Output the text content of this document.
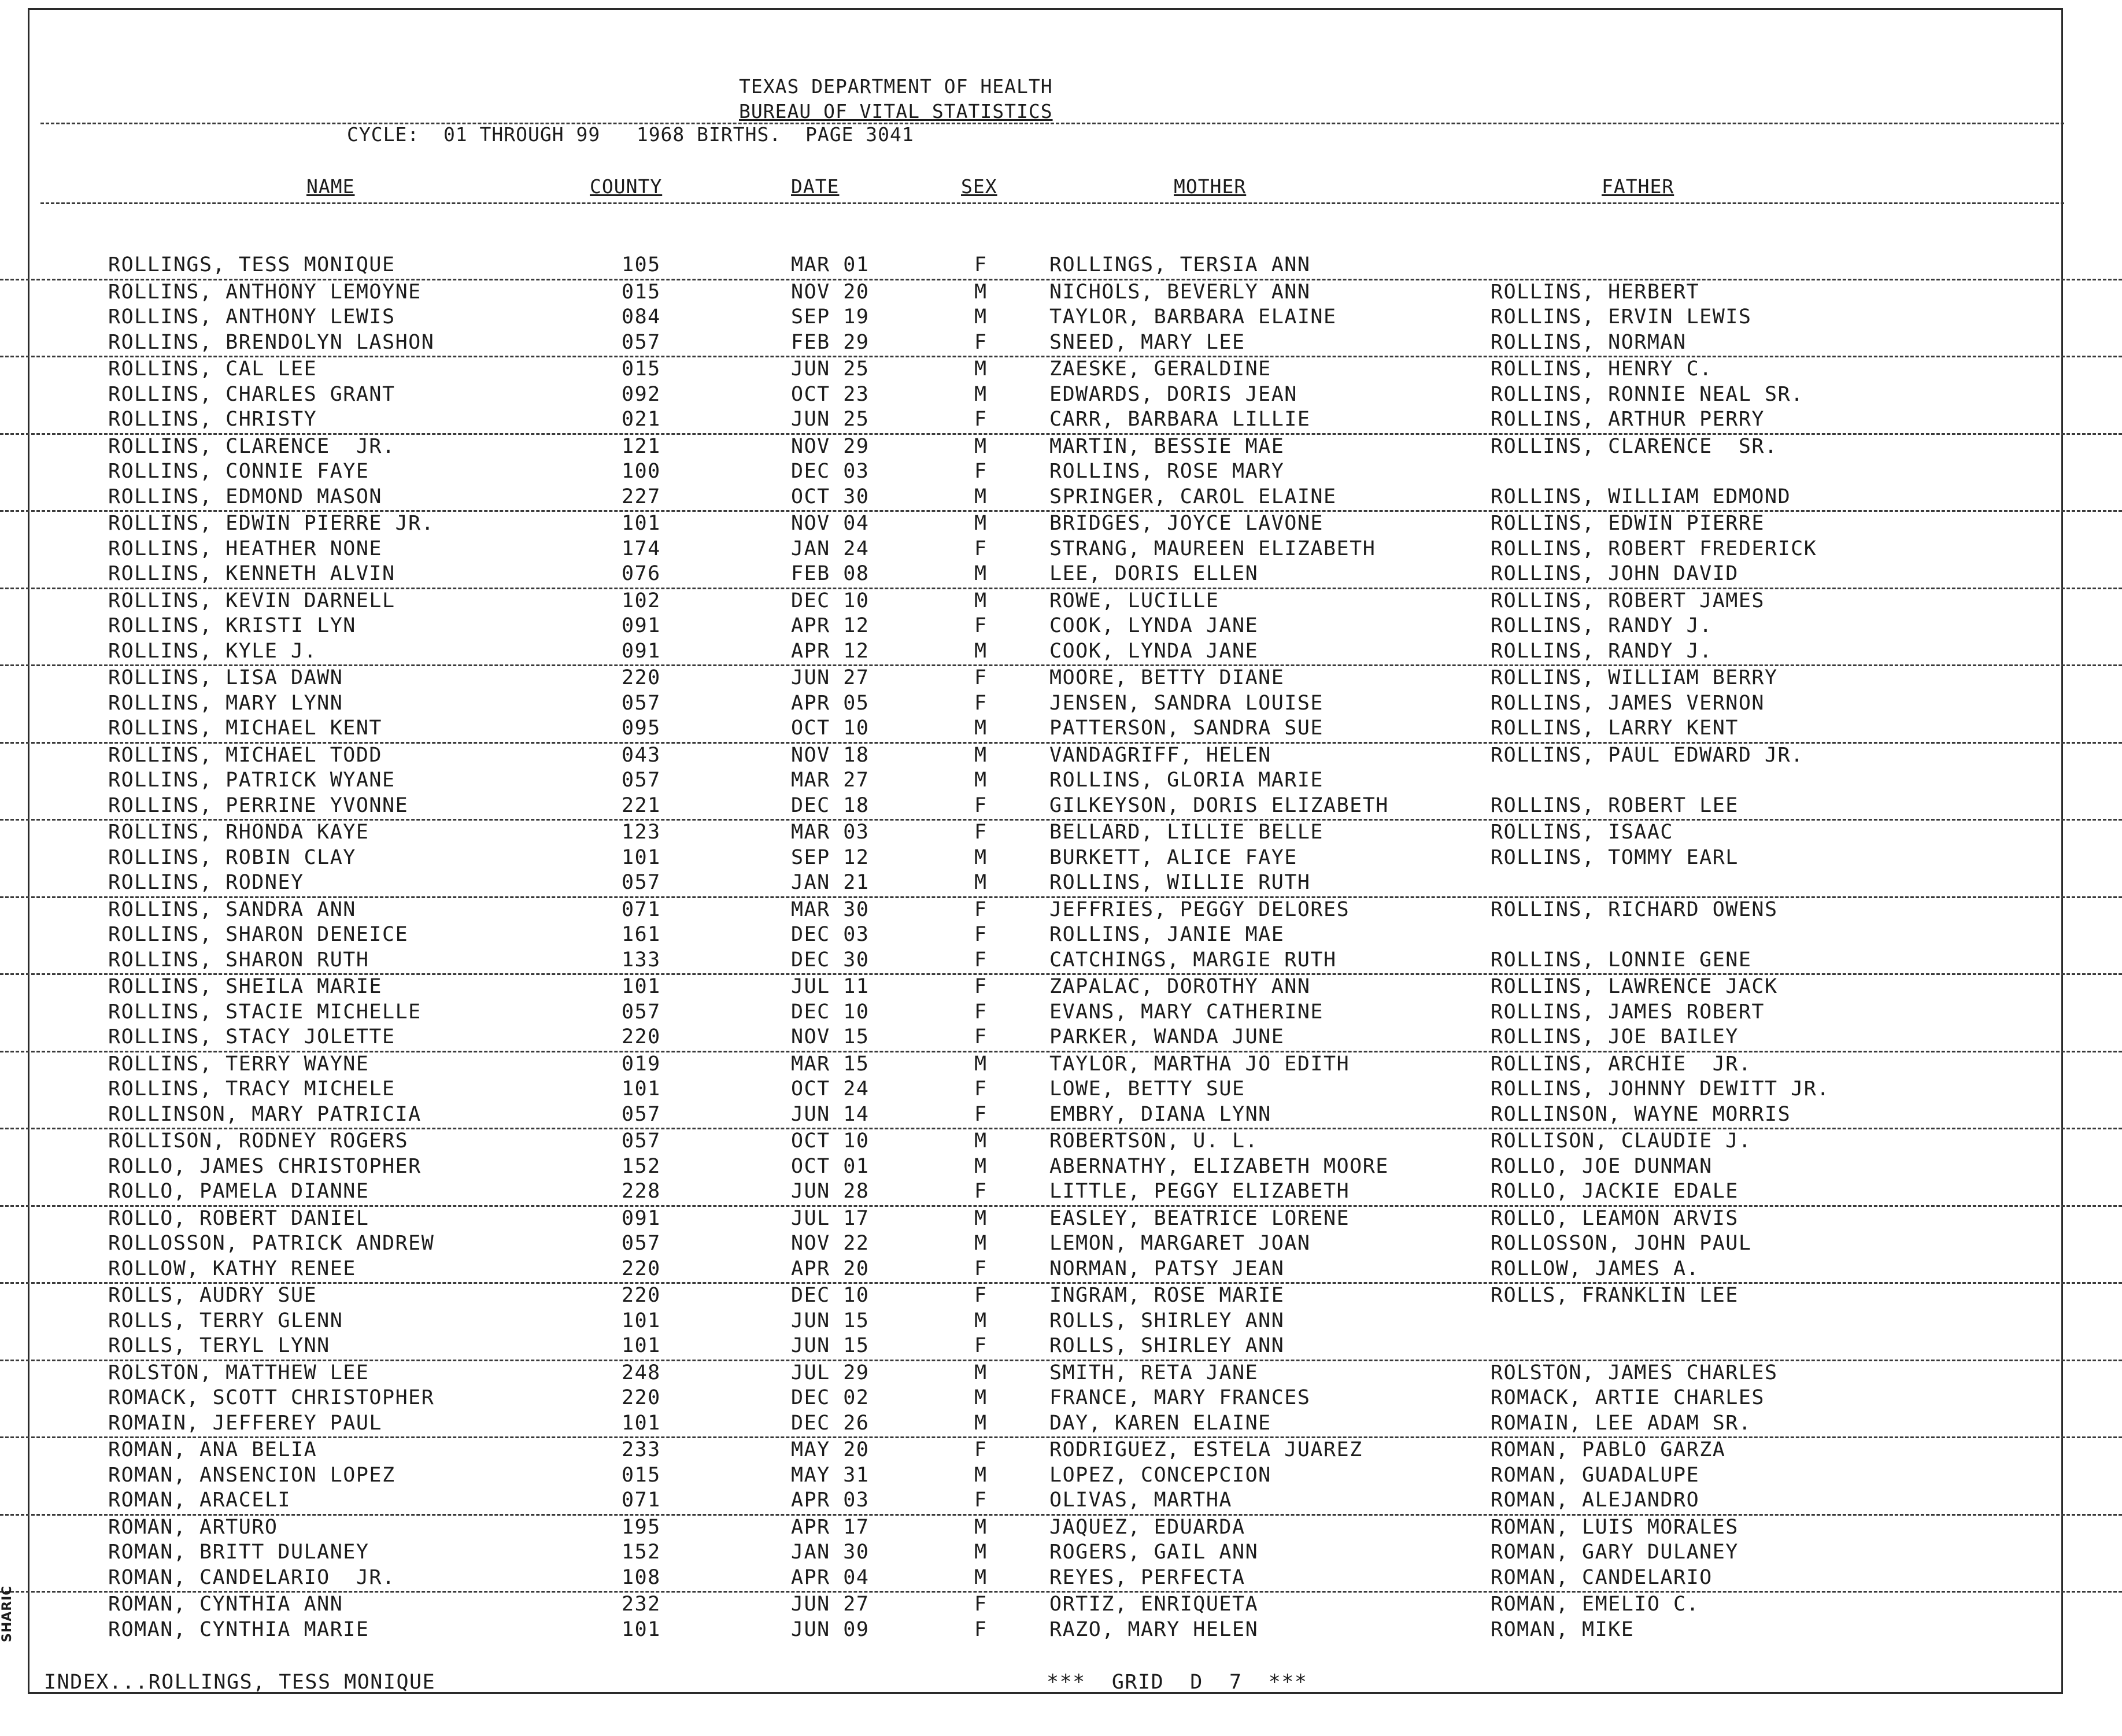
TEXAS DEPARTMENT OF HEALTH
BUREAU OF VITAL STATISTICS
CYCLE:  01 THROUGH 99   1968 BIRTHS.  PAGE 3041
NAME	COUNTY	DATE	SEX	MOTHER	FATHER
ROLLINGS, TESS MONIQUE	105	MAR 01	F	ROLLINGS, TERSIA ANN
ROLLINS, ANTHONY LEMOYNE	015	NOV 20	M	NICHOLS, BEVERLY ANN	ROLLINS, HERBERT
ROLLINS, ANTHONY LEWIS	084	SEP 19	M	TAYLOR, BARBARA ELAINE	ROLLINS, ERVIN LEWIS
ROLLINS, BRENDOLYN LASHON	057	FEB 29	F	SNEED, MARY LEE	ROLLINS, NORMAN
ROLLINS, CAL LEE	015	JUN 25	M	ZAESKE, GERALDINE	ROLLINS, HENRY C.
ROLLINS, CHARLES GRANT	092	OCT 23	M	EDWARDS, DORIS JEAN	ROLLINS, RONNIE NEAL SR.
ROLLINS, CHRISTY	021	JUN 25	F	CARR, BARBARA LILLIE	ROLLINS, ARTHUR PERRY
ROLLINS, CLARENCE  JR.	121	NOV 29	M	MARTIN, BESSIE MAE	ROLLINS, CLARENCE  SR.
ROLLINS, CONNIE FAYE	100	DEC 03	F	ROLLINS, ROSE MARY
ROLLINS, EDMOND MASON	227	OCT 30	M	SPRINGER, CAROL ELAINE	ROLLINS, WILLIAM EDMOND
ROLLINS, EDWIN PIERRE JR.	101	NOV 04	M	BRIDGES, JOYCE LAVONE	ROLLINS, EDWIN PIERRE
ROLLINS, HEATHER NONE	174	JAN 24	F	STRANG, MAUREEN ELIZABETH	ROLLINS, ROBERT FREDERICK
ROLLINS, KENNETH ALVIN	076	FEB 08	M	LEE, DORIS ELLEN	ROLLINS, JOHN DAVID
ROLLINS, KEVIN DARNELL	102	DEC 10	M	ROWE, LUCILLE	ROLLINS, ROBERT JAMES
ROLLINS, KRISTI LYN	091	APR 12	F	COOK, LYNDA JANE	ROLLINS, RANDY J.
ROLLINS, KYLE J.	091	APR 12	M	COOK, LYNDA JANE	ROLLINS, RANDY J.
ROLLINS, LISA DAWN	220	JUN 27	F	MOORE, BETTY DIANE	ROLLINS, WILLIAM BERRY
ROLLINS, MARY LYNN	057	APR 05	F	JENSEN, SANDRA LOUISE	ROLLINS, JAMES VERNON
ROLLINS, MICHAEL KENT	095	OCT 10	M	PATTERSON, SANDRA SUE	ROLLINS, LARRY KENT
ROLLINS, MICHAEL TODD	043	NOV 18	M	VANDAGRIFF, HELEN	ROLLINS, PAUL EDWARD JR.
ROLLINS, PATRICK WYANE	057	MAR 27	M	ROLLINS, GLORIA MARIE
ROLLINS, PERRINE YVONNE	221	DEC 18	F	GILKEYSON, DORIS ELIZABETH	ROLLINS, ROBERT LEE
ROLLINS, RHONDA KAYE	123	MAR 03	F	BELLARD, LILLIE BELLE	ROLLINS, ISAAC
ROLLINS, ROBIN CLAY	101	SEP 12	M	BURKETT, ALICE FAYE	ROLLINS, TOMMY EARL
ROLLINS, RODNEY	057	JAN 21	M	ROLLINS, WILLIE RUTH
ROLLINS, SANDRA ANN	071	MAR 30	F	JEFFRIES, PEGGY DELORES	ROLLINS, RICHARD OWENS
ROLLINS, SHARON DENEICE	161	DEC 03	F	ROLLINS, JANIE MAE
ROLLINS, SHARON RUTH	133	DEC 30	F	CATCHINGS, MARGIE RUTH	ROLLINS, LONNIE GENE
ROLLINS, SHEILA MARIE	101	JUL 11	F	ZAPALAC, DOROTHY ANN	ROLLINS, LAWRENCE JACK
ROLLINS, STACIE MICHELLE	057	DEC 10	F	EVANS, MARY CATHERINE	ROLLINS, JAMES ROBERT
ROLLINS, STACY JOLETTE	220	NOV 15	F	PARKER, WANDA JUNE	ROLLINS, JOE BAILEY
ROLLINS, TERRY WAYNE	019	MAR 15	M	TAYLOR, MARTHA JO EDITH	ROLLINS, ARCHIE  JR.
ROLLINS, TRACY MICHELE	101	OCT 24	F	LOWE, BETTY SUE	ROLLINS, JOHNNY DEWITT JR.
ROLLINSON, MARY PATRICIA	057	JUN 14	F	EMBRY, DIANA LYNN	ROLLINSON, WAYNE MORRIS
ROLLISON, RODNEY ROGERS	057	OCT 10	M	ROBERTSON, U. L.	ROLLISON, CLAUDIE J.
ROLLO, JAMES CHRISTOPHER	152	OCT 01	M	ABERNATHY, ELIZABETH MOORE	ROLLO, JOE DUNMAN
ROLLO, PAMELA DIANNE	228	JUN 28	F	LITTLE, PEGGY ELIZABETH	ROLLO, JACKIE EDALE
ROLLO, ROBERT DANIEL	091	JUL 17	M	EASLEY, BEATRICE LORENE	ROLLO, LEAMON ARVIS
ROLLOSSON, PATRICK ANDREW	057	NOV 22	M	LEMON, MARGARET JOAN	ROLLOSSON, JOHN PAUL
ROLLOW, KATHY RENEE	220	APR 20	F	NORMAN, PATSY JEAN	ROLLOW, JAMES A.
ROLLS, AUDRY SUE	220	DEC 10	F	INGRAM, ROSE MARIE	ROLLS, FRANKLIN LEE
ROLLS, TERRY GLENN	101	JUN 15	M	ROLLS, SHIRLEY ANN
ROLLS, TERYL LYNN	101	JUN 15	F	ROLLS, SHIRLEY ANN
ROLSTON, MATTHEW LEE	248	JUL 29	M	SMITH, RETA JANE	ROLSTON, JAMES CHARLES
ROMACK, SCOTT CHRISTOPHER	220	DEC 02	M	FRANCE, MARY FRANCES	ROMACK, ARTIE CHARLES
ROMAIN, JEFFEREY PAUL	101	DEC 26	M	DAY, KAREN ELAINE	ROMAIN, LEE ADAM SR.
ROMAN, ANA BELIA	233	MAY 20	F	RODRIGUEZ, ESTELA JUAREZ	ROMAN, PABLO GARZA
ROMAN, ANSENCION LOPEZ	015	MAY 31	M	LOPEZ, CONCEPCION	ROMAN, GUADALUPE
ROMAN, ARACELI	071	APR 03	F	OLIVAS, MARTHA	ROMAN, ALEJANDRO
ROMAN, ARTURO	195	APR 17	M	JAQUEZ, EDUARDA	ROMAN, LUIS MORALES
ROMAN, BRITT DULANEY	152	JAN 30	M	ROGERS, GAIL ANN	ROMAN, GARY DULANEY
ROMAN, CANDELARIO  JR.	108	APR 04	M	REYES, PERFECTA	ROMAN, CANDELARIO
ROMAN, CYNTHIA ANN	232	JUN 27	F	ORTIZ, ENRIQUETA	ROMAN, EMELIO C.
ROMAN, CYNTHIA MARIE	101	JUN 09	F	RAZO, MARY HELEN	ROMAN, MIKE
INDEX...ROLLINGS, TESS MONIQUE	***  GRID  D  7  ***
SHARIC
